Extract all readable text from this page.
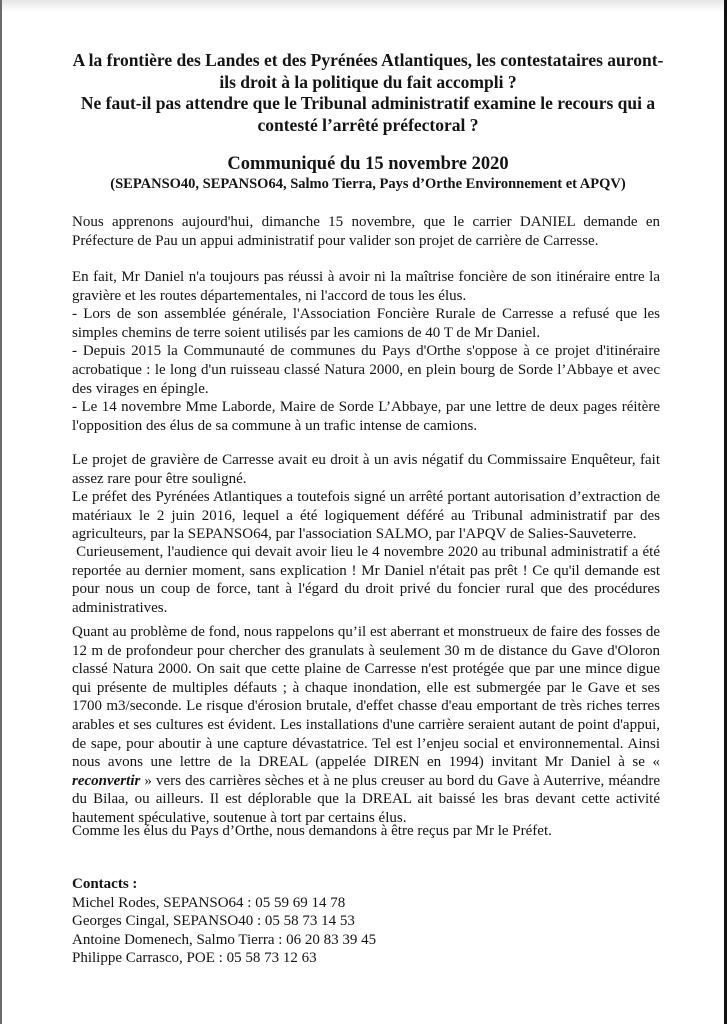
A la frontière des Landes et des Pyrénées Atlantiques, les contestataires auront-
ils droit à la politique du fait accompli ?
Ne faut-il pas attendre que le Tribunal administratif examine le recours qui a
contesté l’arrêté préfectoral ?
Communiqué du 15 novembre 2020
(SEPANSO40, SEPANSO64, Salmo Tierra, Pays d’Orthe Environnement et APQV)

Nous apprenons aujourd'hui, dimanche 15 novembre, que le carrier DANIEL demande en Préfecture de Pau un appui administratif pour valider son projet de carrière de Carresse.

En fait, Mr Daniel n'a toujours pas réussi à avoir ni la maîtrise foncière de son itinéraire entre la gravière et les routes départementales, ni l'accord de tous les élus.
- Lors de son assemblée générale, l'Association Foncière Rurale de Carresse a refusé que les simples chemins de terre soient utilisés par les camions de 40 T de Mr Daniel.
- Depuis 2015 la Communauté de communes du Pays d'Orthe s'oppose à ce projet d'itinéraire acrobatique : le long d'un ruisseau classé Natura 2000, en plein bourg de Sorde l’Abbaye et avec des virages en épingle.
- Le 14 novembre Mme Laborde, Maire de Sorde L’Abbaye, par une lettre de deux pages réitère l'opposition des élus de sa commune à un trafic intense de camions.
Le projet de gravière de Carresse avait eu droit à un avis négatif du Commissaire Enquêteur, fait assez rare pour être souligné.
Le préfet des Pyrénées Atlantiques a toutefois signé un arrêté portant autorisation d’extraction de matériaux le 2 juin 2016, lequel a été logiquement déféré au Tribunal administratif par des agriculteurs, par la SEPANSO64, par l'association SALMO, par l'APQV de Salies-Sauveterre.

Curieusement, l'audience qui devait avoir lieu le 4 novembre 2020 au tribunal administratif a été reportée au dernier moment, sans explication ! Mr Daniel n'était pas prêt ! Ce qu'il demande est pour nous un coup de force, tant à l'égard du droit privé du foncier rural que des procédures administratives.

Quant au problème de fond, nous rappelons qu’il est aberrant et monstrueux de faire des fosses de 12 m de profondeur pour chercher des granulats à seulement 30 m de distance du Gave d'Oloron classé Natura 2000. On sait que cette plaine de Carresse n'est protégée que par une mince digue qui présente de multiples défauts ; à chaque inondation, elle est submergée par le Gave et ses 1700 m3/seconde. Le risque d'érosion brutale, d'effet chasse d'eau emportant de très riches terres arables et ses cultures est évident. Les installations d'une carrière seraient autant de point d'appui, de sape, pour aboutir à une capture dévastatrice. Tel est l’enjeu social et environnemental. Ainsi nous avons une lettre de la DREAL (appelée DIREN en 1994) invitant Mr Daniel à se « reconvertir » vers des carrières sèches et à ne plus creuser au bord du Gave à Auterrive, méandre du Bilaa, ou ailleurs. Il est déplorable que la DREAL ait baissé les bras devant cette activité hautement spéculative, soutenue à tort par certains élus.

Comme les élus du Pays d’Orthe, nous demandons à être reçus par Mr le Préfet.

Contacts :
Michel Rodes, SEPANSO64 : 05 59 69 14 78
Georges Cingal, SEPANSO40 : 05 58 73 14 53
Antoine Domenech, Salmo Tierra : 06 20 83 39 45
Philippe Carrasco, POE : 05 58 73 12 63
